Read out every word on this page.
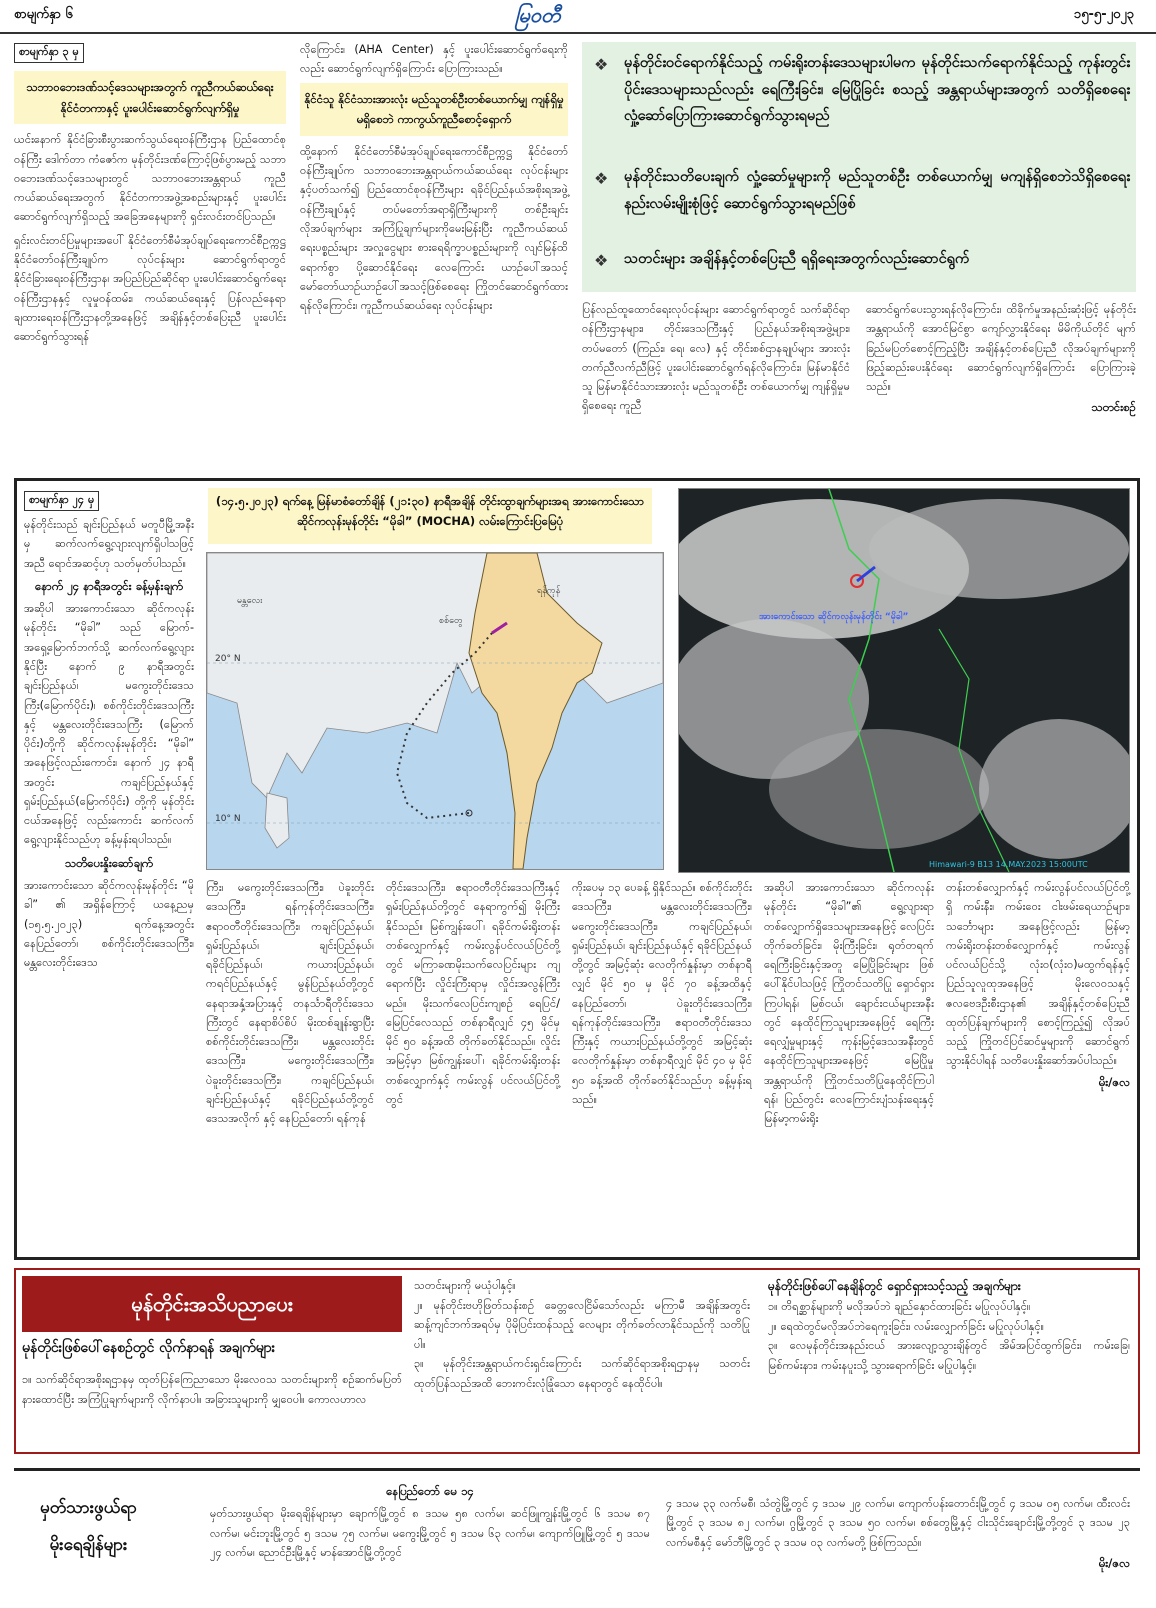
စာမျက်နှာ ၆	မြဝတီ	၁၅-၅-၂၀၂၃
စာမျက်နှာ ၃ မှ
သဘာဝဘေးဒဏ်သင့်ဒေသများအတွက် ကူညီကယ်ဆယ်ရေး နိုင်ငံတကာနှင့် ပူးပေါင်းဆောင်ရွက်လျက်ရှိမှု

ယင်းနောက် နိုင်ငံခြားစီးပွားဆက်သွယ်ရေးဝန်ကြီးဌာန ပြည်ထောင်စုဝန်ကြီး ဒေါက်တာ ကံဇော်က မုန်တိုင်းဒဏ်ကြောင့်ဖြစ်ပွားမည့် သဘာဝဘေးဒဏ်သင့်ဒေသများတွင် သဘာဝဘေးအန္တရာယ် ကူညီကယ်ဆယ်ရေးအတွက် နိုင်ငံတကာအဖွဲ့အစည်းများနှင့် ပူးပေါင်းဆောင်ရွက်လျက်ရှိသည့် အခြေအနေများကို ရှင်းလင်းတင်ပြသည်။

ရှင်းလင်းတင်ပြမှုများအပေါ် နိုင်ငံတော်စီမံအုပ်ချုပ်ရေးကောင်စီဥက္ကဋ္ဌ နိုင်ငံတော်ဝန်ကြီးချုပ်က လုပ်ငန်းများ ဆောင်ရွက်ရာတွင် နိုင်ငံခြားရေးဝန်ကြီးဌာန၊ အပြည်ပြည်ဆိုင်ရာ ပူးပေါင်းဆောင်ရွက်ရေးဝန်ကြီးဌာနနှင့် လူမှုဝန်ထမ်း၊ ကယ်ဆယ်ရေးနှင့် ပြန်လည်နေရာချထားရေးဝန်ကြီးဌာနတို့အနေဖြင့် အချိန်နှင့်တစ်ပြေးညီ ပူးပေါင်းဆောင်ရွက်သွားရန်

လိုကြောင်း၊ (AHA Center) နှင့် ပူးပေါင်းဆောင်ရွက်ရေးကိုလည်း ဆောင်ရွက်လျက်ရှိကြောင်း ပြောကြားသည်။

နိုင်ငံသူ နိုင်ငံသားအားလုံး မည်သူတစ်ဦးတစ်ယောက်မျှ ကျန်ရှိမှု မရှိစေဘဲ ကာကွယ်ကူညီစောင့်ရှောက်

ထို့နောက် နိုင်ငံတော်စီမံအုပ်ချုပ်ရေးကောင်စီဥက္ကဋ္ဌ နိုင်ငံတော်ဝန်ကြီးချုပ်က သဘာဝဘေးအန္တရာယ်ကယ်ဆယ်ရေး လုပ်ငန်းများနှင့်ပတ်သက်၍ ပြည်ထောင်စုဝန်ကြီးများ ရခိုင်ပြည်နယ်အစိုးရအဖွဲ့ဝန်ကြီးချုပ်နှင့် တပ်မတော်အရာရှိကြီးများကို တစ်ဦးချင်း လိုအပ်ချက်များ အကြံပြုချက်များကိုမေးမြန်းပြီး ကူညီကယ်ဆယ်ရေးပစ္စည်းများ အလှူငွေများ စားရေရိက္ခာပစ္စည်းများကို လျင်မြန်ထိရောက်စွာ ပို့ဆောင်နိုင်ရေး လေကြောင်း ယာဉ်ပေါ်အသင့် မော်တော်ယာဉ်ယာဉ်ပေါ်အသင့်ဖြစ်စေရေး ကြိုတင်ဆောင်ရွက်ထားရန်လိုကြောင်း၊ ကူညီကယ်ဆယ်ရေး လုပ်ငန်းများ

❖ မုန်တိုင်းဝင်ရောက်နိုင်သည့် ကမ်းရိုးတန်းဒေသများပါမက မုန်တိုင်းသက်ရောက်နိုင်သည့် ကုန်းတွင်းပိုင်းဒေသများသည်လည်း ရေကြီးခြင်း၊ မြေပြိုခြင်း စသည့် အန္တရာယ်များအတွက် သတိရှိစေရေး လှုံ့ဆော်ပြောကြားဆောင်ရွက်သွားရမည်
❖ မုန်တိုင်းသတိပေးချက် လှုံ့ဆော်မှုများကို မည်သူတစ်ဦး တစ်ယောက်မျှ မကျန်ရှိစေဘဲသိရှိစေရေး နည်းလမ်းမျိုးစုံဖြင့် ဆောင်ရွက်သွားရမည်ဖြစ်
❖ သတင်းများ အချိန်နှင့်တစ်ပြေးညီ ရရှိရေးအတွက်လည်းဆောင်ရွက်

ပြန်လည်ထူထောင်ရေးလုပ်ငန်းများ ဆောင်ရွက်ရာတွင် သက်ဆိုင်ရာဝန်ကြီးဌာနများ၊ တိုင်းဒေသကြီးနှင့် ပြည်နယ်အစိုးရအဖွဲ့များ၊ တပ်မတော် (ကြည်း၊ ရေ၊ လေ) နှင့် တိုင်းစစ်ဌာနချုပ်များ အားလုံးတက်ညီလက်ညီဖြင့် ပူးပေါင်းဆောင်ရွက်ရန်လိုကြောင်း၊ မြန်မာနိုင်ငံသူ မြန်မာနိုင်ငံသားအားလုံး မည်သူတစ်ဦး တစ်ယောက်မျှ ကျန်ရှိမှုမရှိစေရေး ကူညီ

ဆောင်ရွက်ပေးသွားရန်လိုကြောင်း၊ ထိခိုက်မှုအနည်းဆုံးဖြင့် မုန်တိုင်းအန္တရာယ်ကို အောင်မြင်စွာ ကျော်လွှားနိုင်ရေး မိမိကိုယ်တိုင် မျက်ခြည်မပြတ်စောင့်ကြည့်ပြီး အချိန်နှင့်တစ်ပြေးညီ လိုအပ်ချက်များကို ဖြည့်ဆည်းပေးနိုင်ရေး ဆောင်ရွက်လျက်ရှိကြောင်း ပြောကြားခဲ့သည်။

သတင်းစဉ်
စာမျက်နှာ ၂၄ မှ

မုန်တိုင်းသည် ချင်းပြည်နယ် မတူပီမြို့အနီးမှ ဆက်လက်ရွေ့လျားလျက်ရှိပါသဖြင့် အညီ ရောင်အဆင့်ဟု သတ်မှတ်ပါသည်။

နောက် ၂၄ နာရီအတွင်း ခန့်မှန်းချက်

အဆိုပါ အားကောင်းသော ဆိုင်ကလုန်းမုန်တိုင်း “မိုခါ” သည် မြောက်-အရှေ့မြောက်ဘက်သို့ ဆက်လက်ရွေ့လျားနိုင်ပြီး နောက် ၉ နာရီအတွင်း ချင်းပြည်နယ်၊ မကွေးတိုင်းဒေသကြီး(မြောက်ပိုင်း)၊ စစ်ကိုင်းတိုင်းဒေသကြီးနှင့် မန္တလေးတိုင်းဒေသကြီး (မြောက်ပိုင်း)တို့ကို ဆိုင်ကလုန်းမုန်တိုင်း “မိုခါ” အနေဖြင့်လည်းကောင်း၊ နောက် ၂၄ နာရီအတွင်း ကချင်ပြည်နယ်နှင့် ရှမ်းပြည်နယ်(မြောက်ပိုင်း) တို့ကို မုန်တိုင်းငယ်အနေဖြင့် လည်းကောင်း ဆက်လက်ရွေ့လျားနိုင်သည်ဟု ခန့်မှန်းရပါသည်။

သတိပေးနှိုးဆော်ချက်

အားကောင်းသော ဆိုင်ကလုန်းမုန်တိုင်း “မိုခါ” ၏ အရှိန်ကြောင့် ယနေ့ညမှ (၁၅.၅.၂၀၂၃) ရက်နေ့အတွင်း နေပြည်တော်၊ စစ်ကိုင်းတိုင်းဒေသကြီး၊ မန္တလေးတိုင်းဒေသ

(၁၄.၅.၂၀၂၃) ရက်နေ့ မြန်မာစံတော်ချိန် (၂၁:၃၀) နာရီအချိန် တိုင်းထွာချက်များအရ အားကောင်းသော ဆိုင်ကလုန်းမုန်တိုင်း “မိုခါ” (MOCHA) လမ်းကြောင်းပြမြေပုံ
20° N
10° N
မန္တလေး
ရန်ကုန်
စစ်တွေ	အားကောင်းသော ဆိုင်ကလုန်းမုန်တိုင်း “မိုခါ”
Himawari-9 B13 14.MAY.2023 15:00UTC

ကြီး၊ မကွေးတိုင်းဒေသကြီး၊ ပဲခူးတိုင်းဒေသကြီး၊ ရန်ကုန်တိုင်းဒေသကြီး၊ ဧရာဝတီတိုင်းဒေသကြီး၊ ကချင်ပြည်နယ်၊ ရှမ်းပြည်နယ်၊ ချင်းပြည်နယ်၊ ရခိုင်ပြည်နယ်၊ ကယားပြည်နယ်၊ ကရင်ပြည်နယ်နှင့် မွန်ပြည်နယ်တို့တွင် နေရာအနှံ့အပြားနှင့် တနင်္သာရီတိုင်းဒေသကြီးတွင် နေရာစိပ်စိပ် မိုးထစ်ချုန်းရွာပြီး စစ်ကိုင်းတိုင်းဒေသကြီး၊ မန္တလေးတိုင်းဒေသကြီး၊ မကွေးတိုင်းဒေသကြီး၊ ပဲခူးတိုင်းဒေသကြီး၊ ကချင်ပြည်နယ်၊ ချင်းပြည်နယ်နှင့် ရခိုင်ပြည်နယ်တို့တွင် ဒေသအလိုက် နှင့် နေပြည်တော်၊ ရန်ကုန်

တိုင်းဒေသကြီး၊ ဧရာဝတီတိုင်းဒေသကြီးနှင့် ရှမ်းပြည်နယ်တို့တွင် နေရာကွက်၍ မိုးကြီးနိုင်သည်။ မြစ်ကျွန်းပေါ်၊ ရခိုင်ကမ်းရိုးတန်းတစ်လျှောက်နှင့် ကမ်းလွန်ပင်လယ်ပြင်တို့တွင် မကြာခဏမိုးသက်လေပြင်းများ ကျရောက်ပြီး လှိုင်းကြီးရာမှ လှိုင်းအလွန်ကြီးမည်။ မိုးသက်လေပြင်းကျစဉ် ရေပြင်/မြေပြင်လေသည် တစ်နာရီလျှင် ၄၅ မိုင်မှ မိုင် ၅၀ ခန့်အထိ တိုက်ခတ်နိုင်သည်။ လှိုင်းအမြင့်မှာ မြစ်ကျွန်းပေါ်၊ ရခိုင်ကမ်းရိုးတန်း တစ်လျှောက်နှင့် ကမ်းလွန် ပင်လယ်ပြင်တို့တွင်

ကိုးပေမှ ၁၃ ပေခန့် ရှိနိုင်သည်။ စစ်ကိုင်းတိုင်းဒေသကြီး၊ မန္တလေးတိုင်းဒေသကြီး၊ မကွေးတိုင်းဒေသကြီး၊ ကချင်ပြည်နယ်၊ ရှမ်းပြည်နယ်၊ ချင်းပြည်နယ်နှင့် ရခိုင်ပြည်နယ်တို့တွင် အမြင့်ဆုံး လေတိုက်နှုန်းမှာ တစ်နာရီလျှင် မိုင် ၅၀ မှ မိုင် ၇၀ ခန့်အထိနှင့် နေပြည်တော်၊ ပဲခူးတိုင်းဒေသကြီး၊ ရန်ကုန်တိုင်းဒေသကြီး၊ ဧရာဝတီတိုင်းဒေသကြီးနှင့် ကယားပြည်နယ်တို့တွင် အမြင့်ဆုံး လေတိုက်နှုန်းမှာ တစ်နာရီလျှင် မိုင် ၄၀ မှ မိုင် ၅၀ ခန့်အထိ တိုက်ခတ်နိုင်သည်ဟု ခန့်မှန်းရသည်။

အဆိုပါ အားကောင်းသော ဆိုင်ကလုန်းမုန်တိုင်း “မိုခါ”၏ ရွေ့လျားရာတစ်လျှောက်ရှိဒေသများအနေဖြင့် လေပြင်းတိုက်ခတ်ခြင်း၊ မိုးကြီးခြင်း၊ ရုတ်တရက်ရေကြီးခြင်းနှင့်အတူ မြေပြိုခြင်းများ ဖြစ်ပေါ်နိုင်ပါသဖြင့် ကြိုတင်သတိပြု ရှောင်ရှားကြပါရန်၊ မြစ်ငယ်၊ ချောင်းငယ်များအနီးတွင် နေထိုင်ကြသူများအနေဖြင့် ရေကြီးရေလျှံမှုများနှင့် ကုန်းမြင့်ဒေသအနီးတွင် နေထိုင်ကြသူများအနေဖြင့် မြေပြိုမှုအန္တရာယ်ကို ကြိုတင်သတိပြုနေထိုင်ကြပါရန်၊ ပြည်တွင်း လေကြောင်းပျံသန်းရေးနှင့် မြန်မာ့ကမ်းရိုး

တန်းတစ်လျှောက်နှင့် ကမ်းလွန်ပင်လယ်ပြင်တို့ရှိ ကမ်းနီး၊ ကမ်းဝေး ငါးဖမ်းရေယာဉ်များ၊ သင်္ဘောများ အနေဖြင့်လည်း မြန်မာ့ကမ်းရိုးတန်းတစ်လျှောက်နှင့် ကမ်းလွန်ပင်လယ်ပြင်သို့ လုံး၀(လုံး၀)မထွက်ရန်နှင့် ပြည်သူလူထုအနေဖြင့် မိုးလေဝသနှင့် ဇလဗေဒဦးစီးဌာန၏ အချိန်နှင့်တစ်ပြေးညီ ထုတ်ပြန်ချက်များကို စောင့်ကြည့်၍ လိုအပ်သည့် ကြိုတင်ပြင်ဆင်မှုများကို ဆောင်ရွက်သွားနိုင်ပါရန် သတိပေးနှိုးဆော်အပ်ပါသည်။

မိုး/ဇလ
မုန်တိုင်းအသိပညာပေး
မုန်တိုင်းဖြစ်ပေါ်နေစဉ်တွင် လိုက်နာရန် အချက်များ
၁။ သက်ဆိုင်ရာအစိုးရဌာနမှ ထုတ်ပြန်ကြေညာသော မိုးလေဝသ သတင်းများကို စဉ်ဆက်မပြတ်နားထောင်ပြီး အကြံပြုချက်များကို လိုက်နာပါ။ အခြားသူများကို မျှဝေပါ။ ကောလဟာလ
သတင်းများကို မယုံပါနှင့်။
၂။ မုန်တိုင်းဗဟိုဖြတ်သန်းစဉ် ခေတ္တလေငြိမ်သော်လည်း မကြာမီ အချိန်အတွင်း ဆန့်ကျင်ဘက်အရပ်မှ ပိုမိုပြင်းထန်သည့် လေများ တိုက်ခတ်လာနိုင်သည်ကို သတိပြုပါ။
၃။ မုန်တိုင်းအန္တရာယ်ကင်းရှင်းကြောင်း သက်ဆိုင်ရာအစိုးရဌာနမှ သတင်းထုတ်ပြန်သည်အထိ ဘေးကင်းလုံခြုံသော နေရာတွင် နေထိုင်ပါ။
မုန်တိုင်းဖြစ်ပေါ်နေချိန်တွင် ရှောင်ရှားသင့်သည့် အချက်များ
၁။ တိရစ္ဆာန်များကို မလိုအပ်ဘဲ ချည်နှောင်ထားခြင်း မပြုလုပ်ပါနှင့်။
၂။ ရေထဲတွင်မလိုအပ်ဘဲရေကူးခြင်း၊ လမ်းလျှောက်ခြင်း မပြုလုပ်ပါနှင့်။
၃။ လေမုန်တိုင်းအနည်းငယ် အားလျော့သွားချိန်တွင် အိမ်အပြင်ထွက်ခြင်း၊ ကမ်းခြေ၊ မြစ်ကမ်းနား၊ ကမ်းနပူးသို့ သွားရောက်ခြင်း မပြုပါနှင့်။
မှတ်သားဖွယ်ရာ
မိုးရေချိန်များ
နေပြည်တော် မေ ၁၄

မှတ်သားဖွယ်ရာ မိုးရေချိန်များမှာ ချောက်မြို့တွင် ၈ ဒသမ ၅၈ လက်မ၊ ဆင်ဖြူကျွန်းမြို့တွင် ၆ ဒသမ ၈၇ လက်မ၊ မင်းဘူးမြို့တွင် ၅ ဒသမ ၇၅ လက်မ၊ မကွေးမြို့တွင် ၅ ဒသမ ၆၃ လက်မ၊ ကျောက်ဖြူမြို့တွင် ၅ ဒသမ ၂၄ လက်မ၊ ညောင်ဦးမြို့နှင့် မာန်အောင်မြို့တို့တွင်

၄ ဒသမ ၃၃ လက်မစီ၊ သံတွဲမြို့တွင် ၄ ဒသမ ၂၉ လက်မ၊ ကျောက်ပန်းတောင်းမြို့တွင် ၄ ဒသမ ၀၅ လက်မ၊ ထီးလင်းမြို့တွင် ၃ ဒသမ ၈၂ လက်မ၊ ဂွမြို့တွင် ၃ ဒသမ ၅၀ လက်မ၊ စစ်တွေမြို့နှင့် ငါးသိုင်းချောင်းမြို့တို့တွင် ၃ ဒသမ ၂၃ လက်မစီနှင့် မော်ဘီမြို့တွင် ၃ ဒသမ ၀၃ လက်မတို့ ဖြစ်ကြသည်။

မိုး/ဇလ
